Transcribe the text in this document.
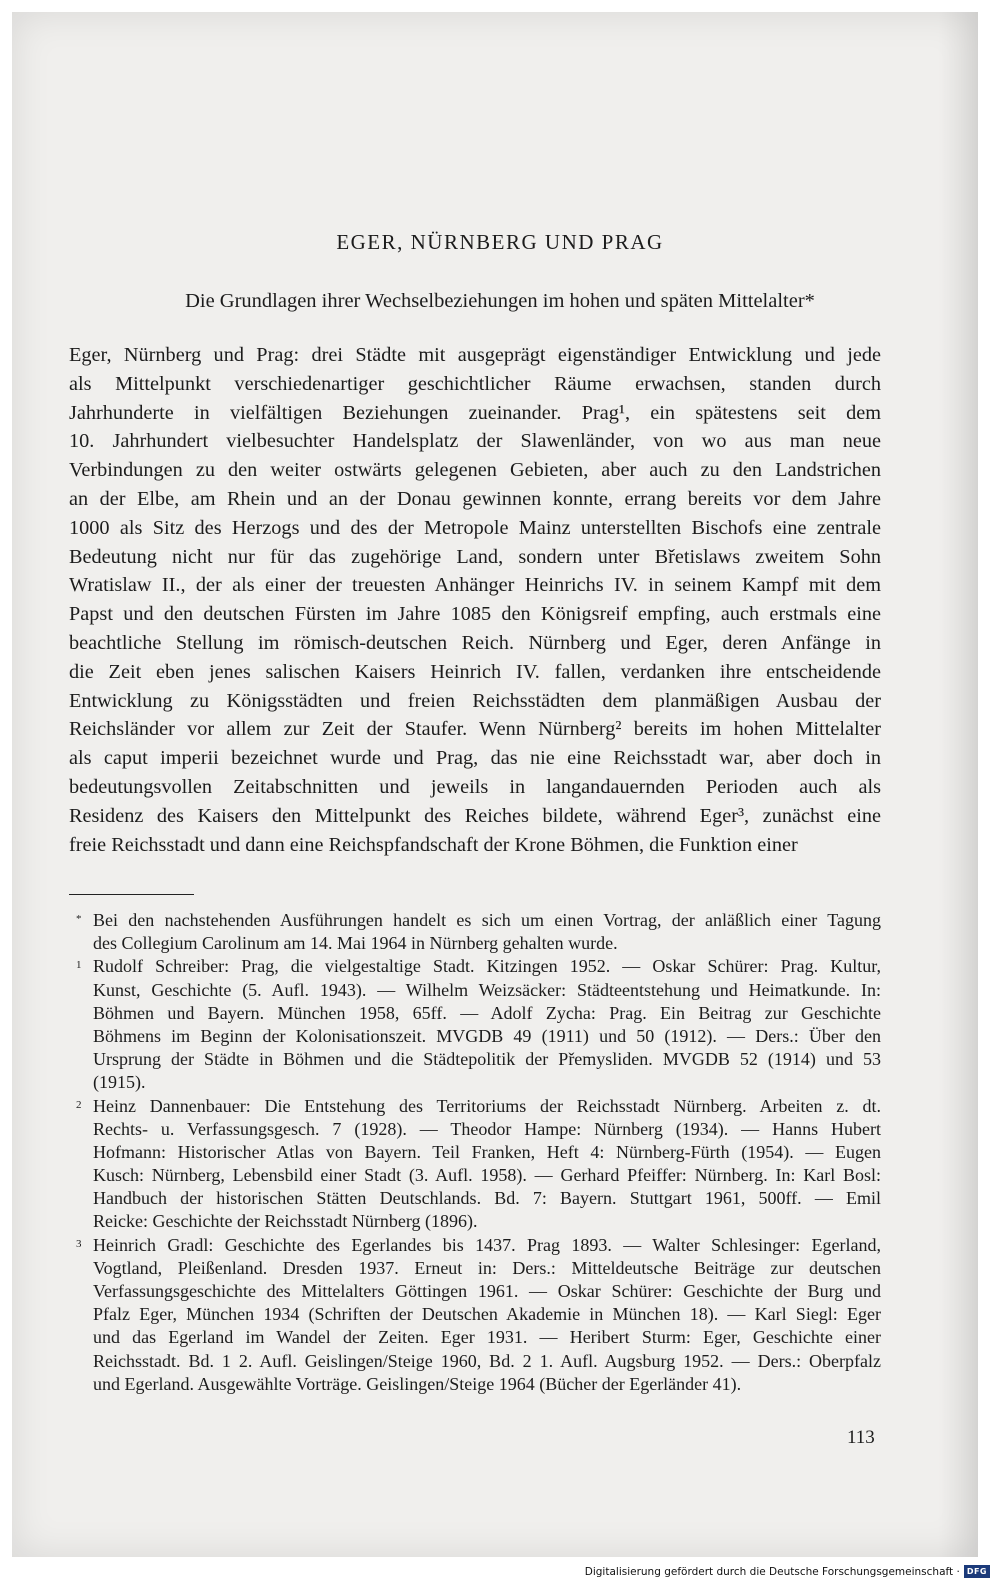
EGER, NÜRNBERG UND PRAG
Die Grundlagen ihrer Wechselbeziehungen im hohen und späten Mittelalter*
Eger, Nürnberg und Prag: drei Städte mit ausgeprägt eigenständiger Entwicklung und jede
als Mittelpunkt verschiedenartiger geschichtlicher Räume erwachsen, standen durch
Jahrhunderte in vielfältigen Beziehungen zueinander. Prag¹, ein spätestens seit dem
10. Jahrhundert vielbesuchter Handelsplatz der Slawenländer, von wo aus man neue
Verbindungen zu den weiter ostwärts gelegenen Gebieten, aber auch zu den Landstrichen
an der Elbe, am Rhein und an der Donau gewinnen konnte, errang bereits vor dem Jahre
1000 als Sitz des Herzogs und des der Metropole Mainz unterstellten Bischofs eine zentrale
Bedeutung nicht nur für das zugehörige Land, sondern unter Břetislaws zweitem Sohn
Wratislaw II., der als einer der treuesten Anhänger Heinrichs IV. in seinem Kampf mit dem
Papst und den deutschen Fürsten im Jahre 1085 den Königsreif empfing, auch erstmals eine
beachtliche Stellung im römisch-deutschen Reich. Nürnberg und Eger, deren Anfänge in
die Zeit eben jenes salischen Kaisers Heinrich IV. fallen, verdanken ihre entscheidende
Entwicklung zu Königsstädten und freien Reichsstädten dem planmäßigen Ausbau der
Reichsländer vor allem zur Zeit der Staufer. Wenn Nürnberg² bereits im hohen Mittelalter
als caput imperii bezeichnet wurde und Prag, das nie eine Reichsstadt war, aber doch in
bedeutungsvollen Zeitabschnitten und jeweils in langandauernden Perioden auch als
Residenz des Kaisers den Mittelpunkt des Reiches bildete, während Eger³, zunächst eine
freie Reichsstadt und dann eine Reichspfandschaft der Krone Böhmen, die Funktion einer
* Bei den nachstehenden Ausführungen handelt es sich um einen Vortrag, der anläßlich einer Tagung
des Collegium Carolinum am 14. Mai 1964 in Nürnberg gehalten wurde.
1 Rudolf Schreiber: Prag, die vielgestaltige Stadt. Kitzingen 1952. — Oskar Schürer: Prag. Kultur,
Kunst, Geschichte (5. Aufl. 1943). — Wilhelm Weizsäcker: Städteentstehung und Heimatkunde. In:
Böhmen und Bayern. München 1958, 65ff. — Adolf Zycha: Prag. Ein Beitrag zur Geschichte
Böhmens im Beginn der Kolonisationszeit. MVGDB 49 (1911) und 50 (1912). — Ders.: Über den
Ursprung der Städte in Böhmen und die Städtepolitik der Přemysliden. MVGDB 52 (1914) und 53
(1915).
2 Heinz Dannenbauer: Die Entstehung des Territoriums der Reichsstadt Nürnberg. Arbeiten z. dt.
Rechts- u. Verfassungsgesch. 7 (1928). — Theodor Hampe: Nürnberg (1934). — Hanns Hubert
Hofmann: Historischer Atlas von Bayern. Teil Franken, Heft 4: Nürnberg-Fürth (1954). — Eugen
Kusch: Nürnberg, Lebensbild einer Stadt (3. Aufl. 1958). — Gerhard Pfeiffer: Nürnberg. In: Karl Bosl:
Handbuch der historischen Stätten Deutschlands. Bd. 7: Bayern. Stuttgart 1961, 500ff. — Emil
Reicke: Geschichte der Reichsstadt Nürnberg (1896).
3 Heinrich Gradl: Geschichte des Egerlandes bis 1437. Prag 1893. — Walter Schlesinger: Egerland,
Vogtland, Pleißenland. Dresden 1937. Erneut in: Ders.: Mitteldeutsche Beiträge zur deutschen
Verfassungsgeschichte des Mittelalters Göttingen 1961. — Oskar Schürer: Geschichte der Burg und
Pfalz Eger, München 1934 (Schriften der Deutschen Akademie in München 18). — Karl Siegl: Eger
und das Egerland im Wandel der Zeiten. Eger 1931. — Heribert Sturm: Eger, Geschichte einer
Reichsstadt. Bd. 1 2. Aufl. Geislingen/Steige 1960, Bd. 2 1. Aufl. Augsburg 1952. — Ders.: Oberpfalz
und Egerland. Ausgewählte Vorträge. Geislingen/Steige 1964 (Bücher der Egerländer 41).
113
Digitalisierung gefördert durch die Deutsche Forschungsgemeinschaft · DFG
